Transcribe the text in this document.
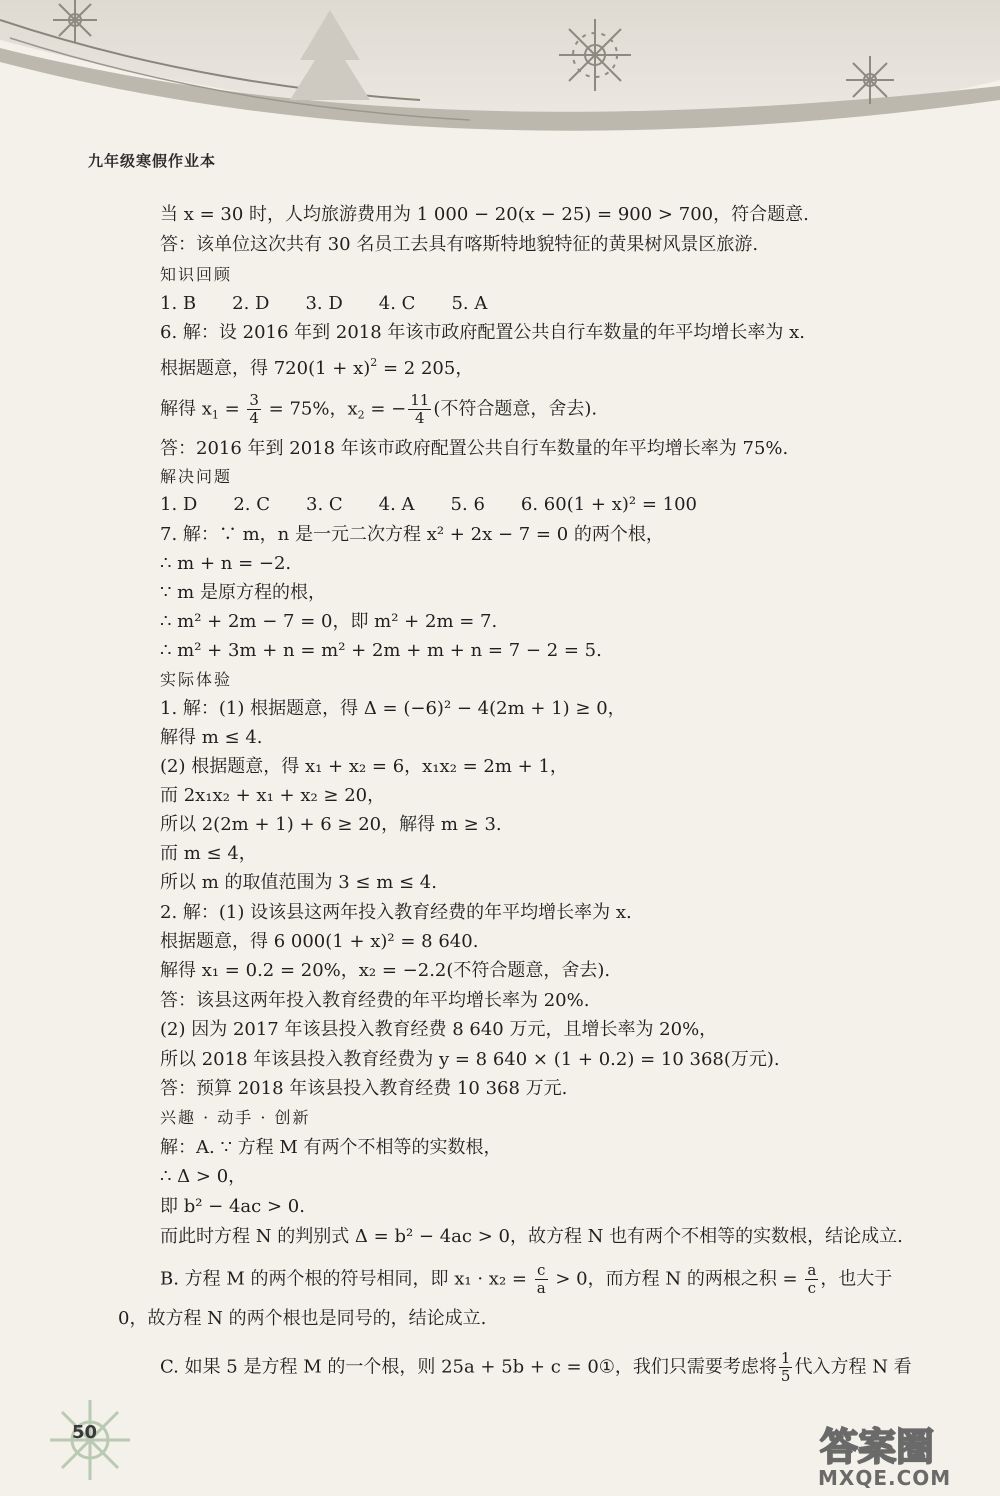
九年级寒假作业本
当 x = 30 时，人均旅游费用为 1 000 − 20(x − 25) = 900 > 700，符合题意.
答：该单位这次共有 30 名员工去具有喀斯特地貌特征的黄果树风景区旅游.
知识回顾
1. B　　2. D　　3. D　　4. C　　5. A
6. 解：设 2016 年到 2018 年该市政府配置公共自行车数量的年平均增长率为 x.
根据题意，得 $720(1 + x)^2 = 2$ 205，
解得 $x_1 = \frac{3}{4} = 75\%$，$x_2$ = − $\frac{11}{4}$ (不符合题意，舍去).
答：2016 年到 2018 年该市政府配置公共自行车数量的年平均增长率为 75%.
解决问题
1. D　　2. C　　3. C　　4. A　　5. 6　　6. 60(1 + x)² = 100
7. 解：∵ m，n 是一元二次方程 x² + 2x − 7 = 0 的两个根，
∴ m + n = −2.
∵ m 是原方程的根，
∴ m² + 2m − 7 = 0，即 m² + 2m = 7.
∴ m² + 3m + n = m² + 2m + m + n = 7 − 2 = 5.
实际体验
1. 解：(1) 根据题意，得 Δ = (−6)² − 4(2m + 1) ≥ 0，
解得 m ≤ 4.
(2) 根据题意，得 x₁ + x₂ = 6，x₁x₂ = 2m + 1，
而 2x₁x₂ + x₁ + x₂ ≥ 20，
所以 2(2m + 1) + 6 ≥ 20，解得 m ≥ 3.
而 m ≤ 4，
所以 m 的取值范围为 3 ≤ m ≤ 4.
2. 解：(1) 设该县这两年投入教育经费的年平均增长率为 x.
根据题意，得 6 000(1 + x)² = 8 640.
解得 x₁ = 0.2 = 20%，x₂ = −2.2(不符合题意，舍去).
答：该县这两年投入教育经费的年平均增长率为 20%.
(2) 因为 2017 年该县投入教育经费 8 640 万元，且增长率为 20%，
所以 2018 年该县投入教育经费为 y = 8 640 × (1 + 0.2) = 10 368(万元).
答：预算 2018 年该县投入教育经费 10 368 万元.
兴趣 · 动手 · 创新
解：A. ∵ 方程 M 有两个不相等的实数根，
∴ Δ > 0，
即 b² − 4ac > 0.
而此时方程 N 的判别式 Δ = b² − 4ac > 0，故方程 N 也有两个不相等的实数根，结论成立.
B. 方程 M 的两个根的符号相同，即 $x_1 \cdot x_2 = \frac{c}{a} > 0$，而方程 N 的两根之积 = $\frac{a}{c}$ ，也大于
0，故方程 N 的两个根也是同号的，结论成立.
C. 如果 5 是方程 M 的一个根，则 25a + 5b + c = 0①，我们只需要考虑将 $\frac{1}{5}$ 代入方程 N 看
50	答案圈
MXQE.COM
